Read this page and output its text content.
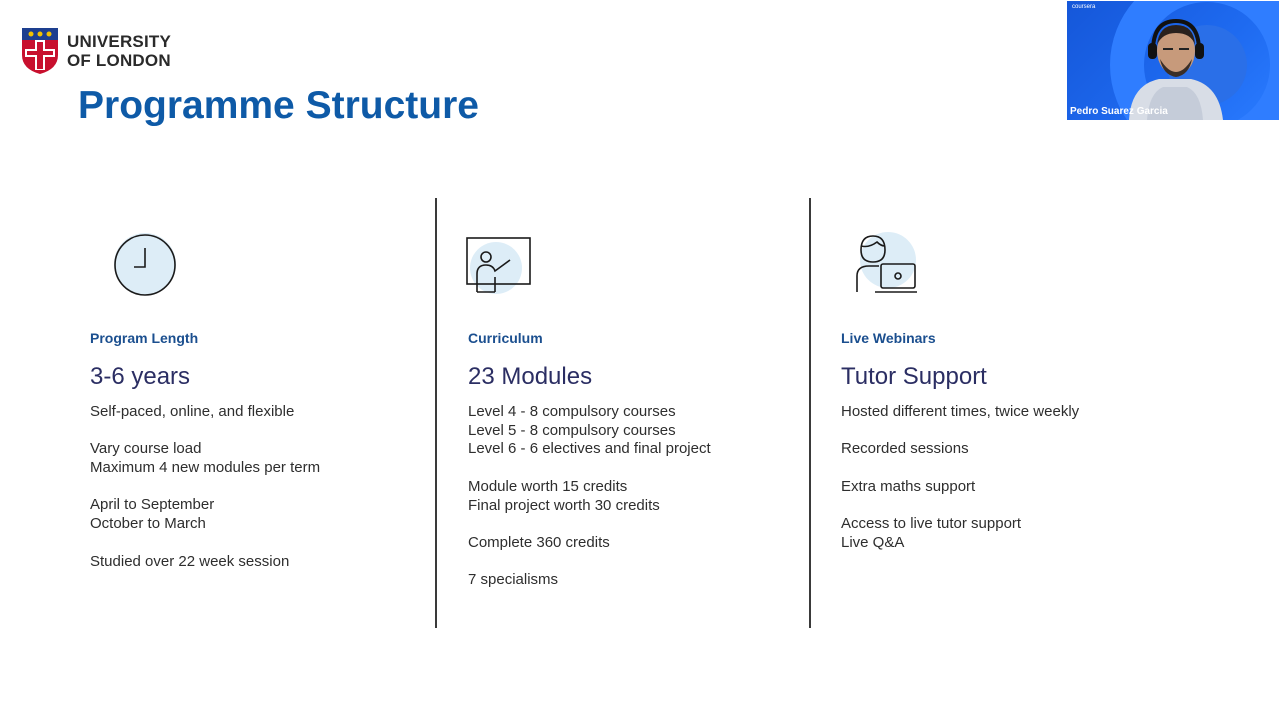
UNIVERSITY
OF LONDON
Programme Structure
Program Length
3-6 years
Self-paced, online, and flexible
Vary course load
Maximum 4 new modules per term
April to September
October to March
Studied over 22 week session
Curriculum
23 Modules
Level 4 - 8 compulsory courses
Level 5 - 8 compulsory courses
Level 6 - 6 electives and final project
Module worth 15 credits
Final project worth 30 credits
Complete 360 credits
7 specialisms
Live Webinars
Tutor Support
Hosted different times, twice weekly
Recorded sessions
Extra maths support
Access to live tutor support
Live Q&A
coursera
Pedro Suarez Garcia
